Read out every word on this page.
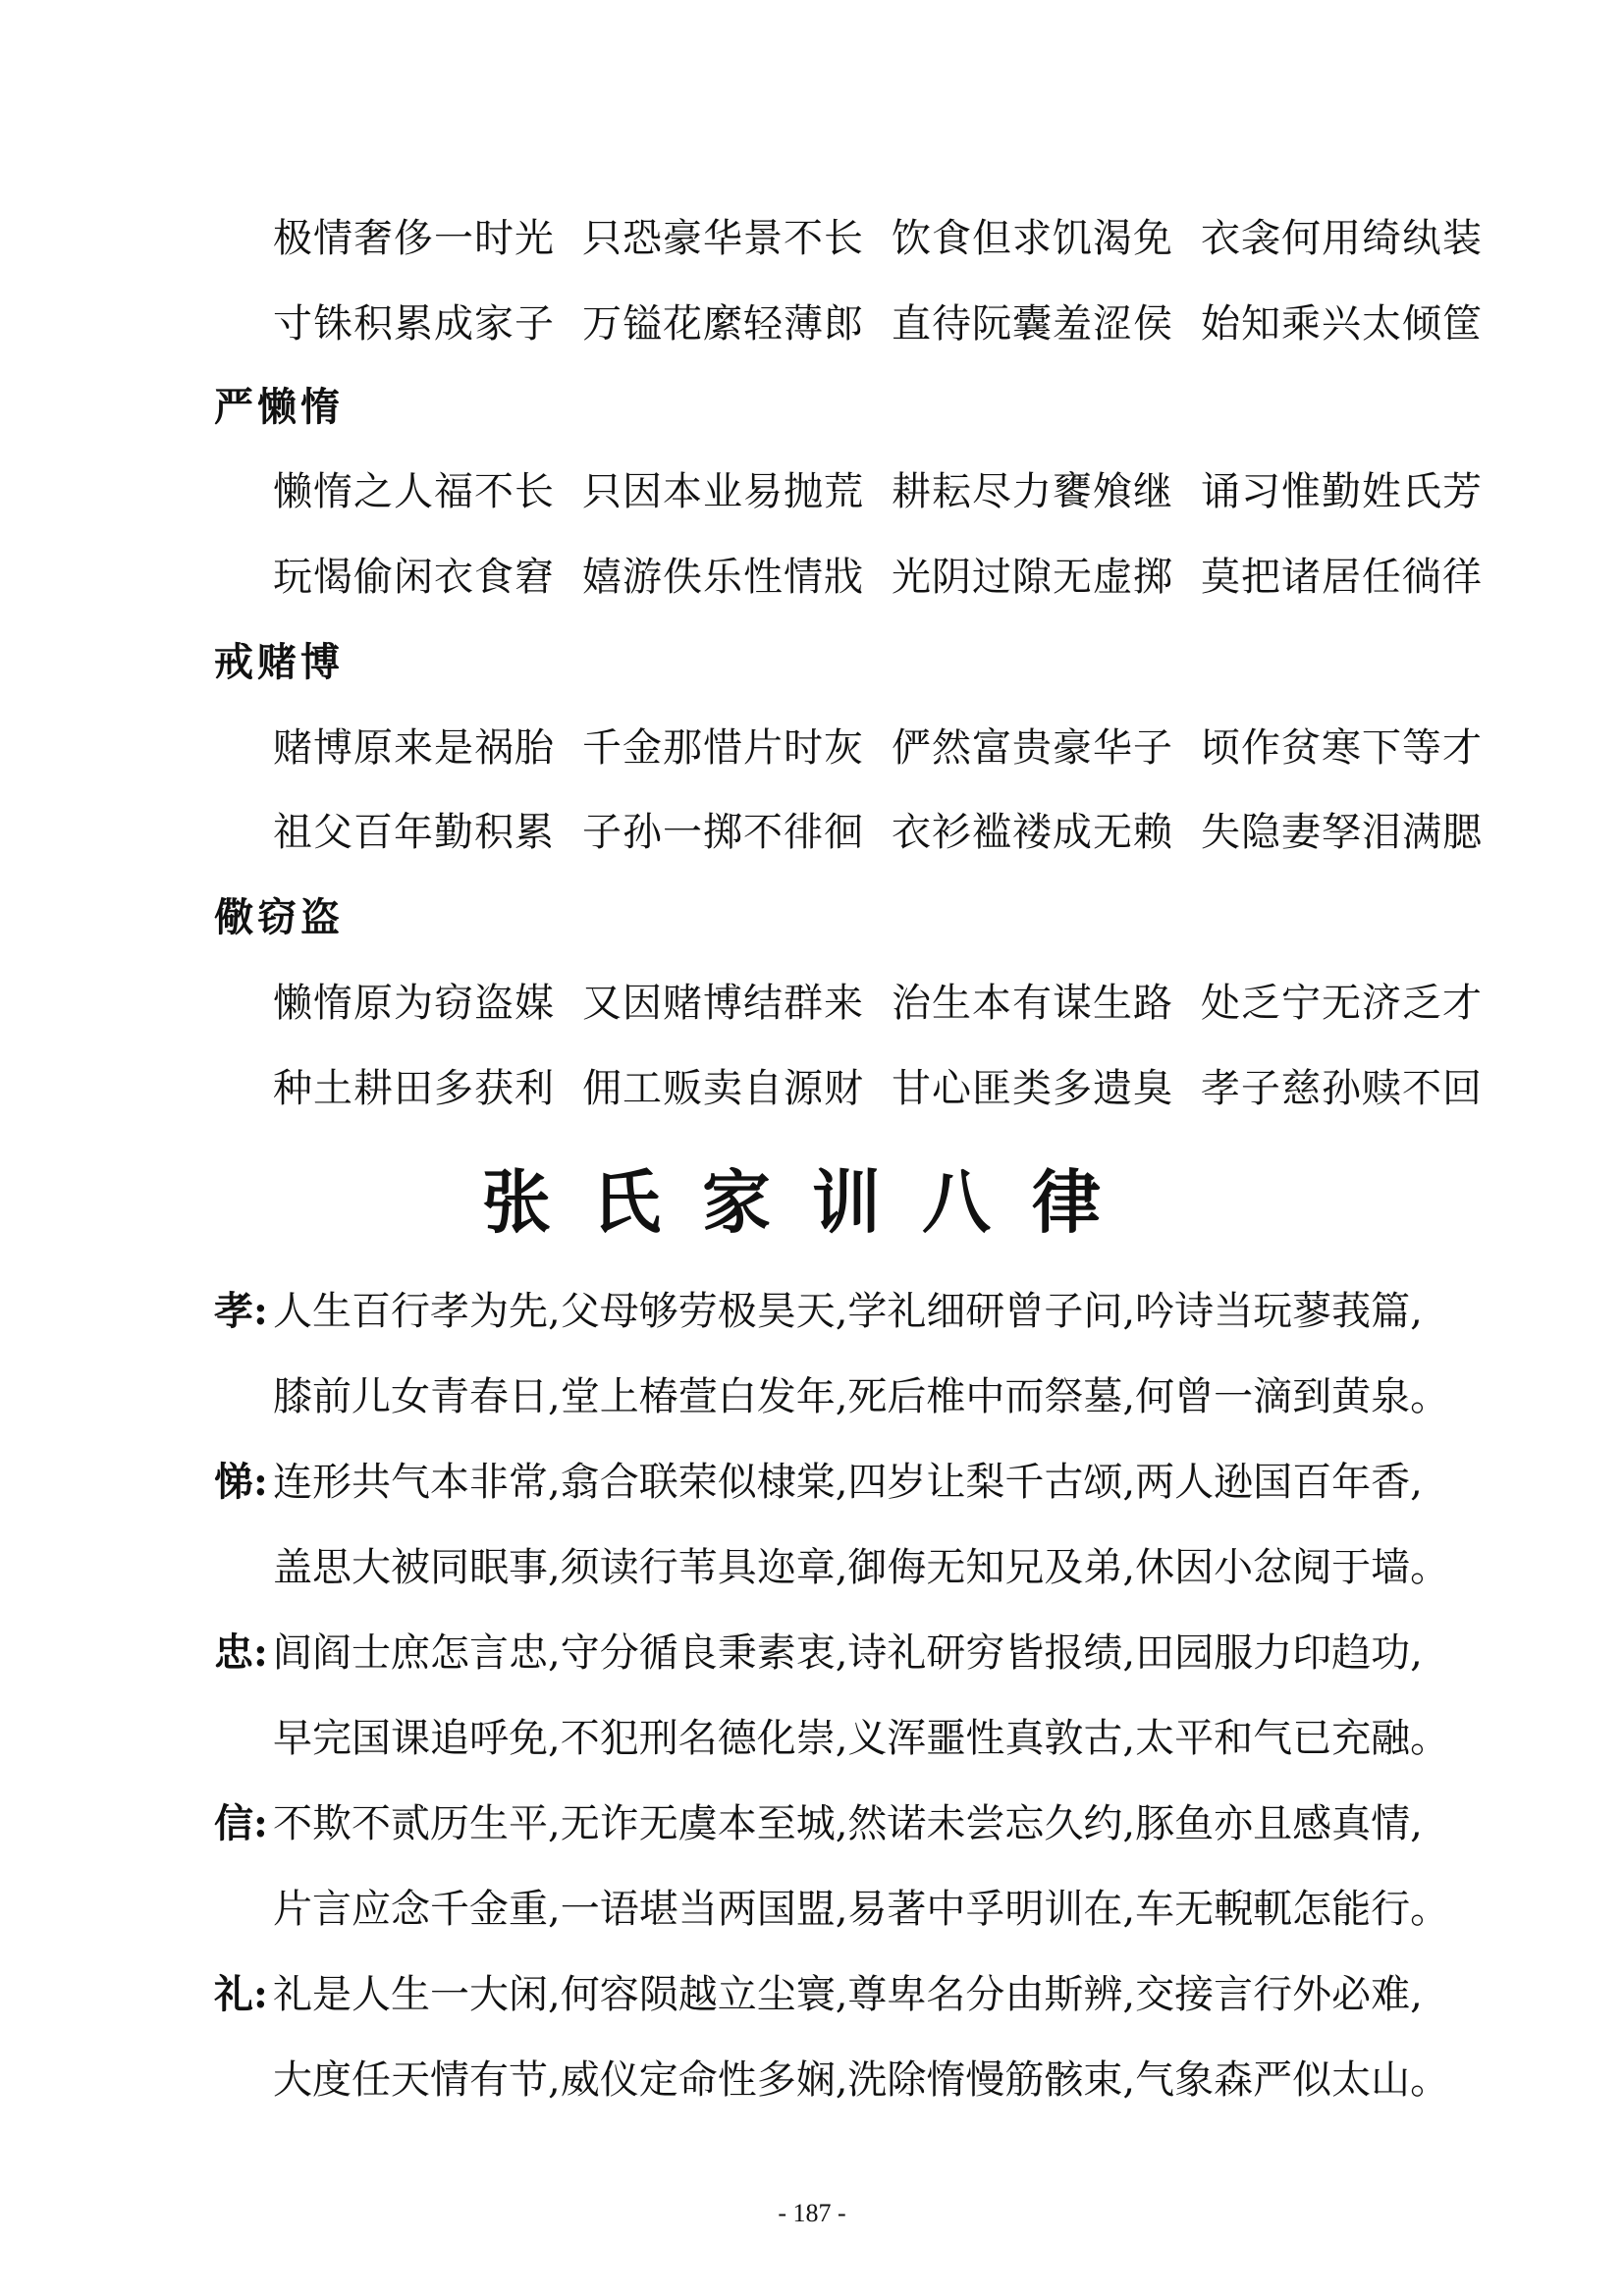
极情奢侈一时光 只恐豪华景不长 饮食但求饥渴免 衣衾何用绮纨装
寸铢积累成家子 万镒花縻轻薄郎 直待阮囊羞涩侯 始知乘兴太倾筐
严懒惰
懒惰之人福不长 只因本业易抛荒 耕耘尽力饔飧继 诵习惟勤姓氏芳
玩愒偷闲衣食窘 嬉游佚乐性情戕 光阴过隙无虚掷 莫把诸居任徜徉
戒赌博
赌博原来是祸胎 千金那惜片时灰 俨然富贵豪华子 顷作贫寒下等才
祖父百年勤积累 子孙一掷不徘徊 衣衫褴褛成无赖 失隐妻孥泪满腮
儆窃盗
懒惰原为窃盗媒 又因赌博结群来 治生本有谋生路 处乏宁无济乏才
种土耕田多获利 佣工贩卖自源财 甘心匪类多遗臭 孝子慈孙赎不回
张氏家训八律
孝: 人生百行孝为先,父母够劳极昊天,学礼细研曾子问,吟诗当玩蓼莪篇,
膝前儿女青春日,堂上椿萱白发年,死后椎中而祭墓,何曾一滴到黄泉。
悌: 连形共气本非常,翕合联荣似棣棠,四岁让梨千古颂,两人逊国百年香,
盖思大被同眠事,须读行苇具迩章,御侮无知兄及弟,休因小忿阋于墙。
忠: 闾阎士庶怎言忠,守分循良秉素衷,诗礼研穷皆报绩,田园服力印趋功,
早完国课追呼免,不犯刑名德化崇,义浑噩性真敦古,太平和气已充融。
信: 不欺不贰历生平,无诈无虞本至城,然诺未尝忘久约,豚鱼亦且感真情,
片言应念千金重,一语堪当两国盟,易著中孚明训在,车无輗軏怎能行。
礼: 礼是人生一大闲,何容陨越立尘寰,尊卑名分由斯辨,交接言行外必难,
大度任天情有节,威仪定命性多娴,洗除惰慢筋骸束,气象森严似太山。
- 187 -
